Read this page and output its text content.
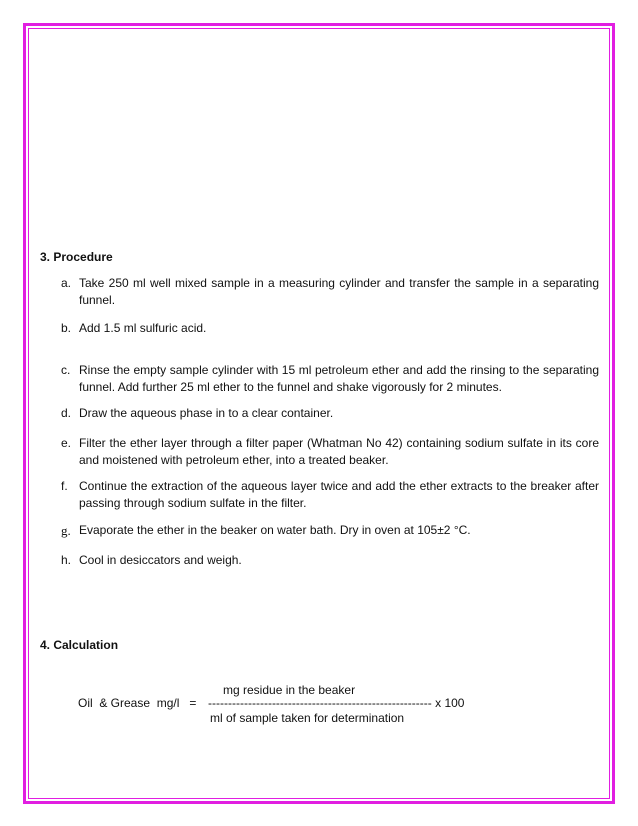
3. Procedure
a. Take 250 ml well mixed sample in a measuring cylinder and transfer the sample in a separating funnel.
b. Add 1.5 ml sulfuric acid.
c. Rinse the empty sample cylinder with 15 ml petroleum ether and add the rinsing to the separating funnel. Add further 25 ml ether to the funnel and shake vigorously for 2 minutes.
d. Draw the aqueous phase in to a clear container.
e. Filter the ether layer through a filter paper (Whatman No 42) containing sodium sulfate in its core and moistened with petroleum ether, into a treated beaker.
f. Continue the extraction of the aqueous layer twice and add the ether extracts to the breaker after passing through sodium sulfate in the filter.
g. Evaporate the ether in the beaker on water bath. Dry in oven at 105±2 °C.
h. Cool in desiccators and weigh.
4. Calculation
mg residue in the beaker
Oil  & Grease  mg/l   = -------------------------------------------------------- x 100
ml of sample taken for determination
